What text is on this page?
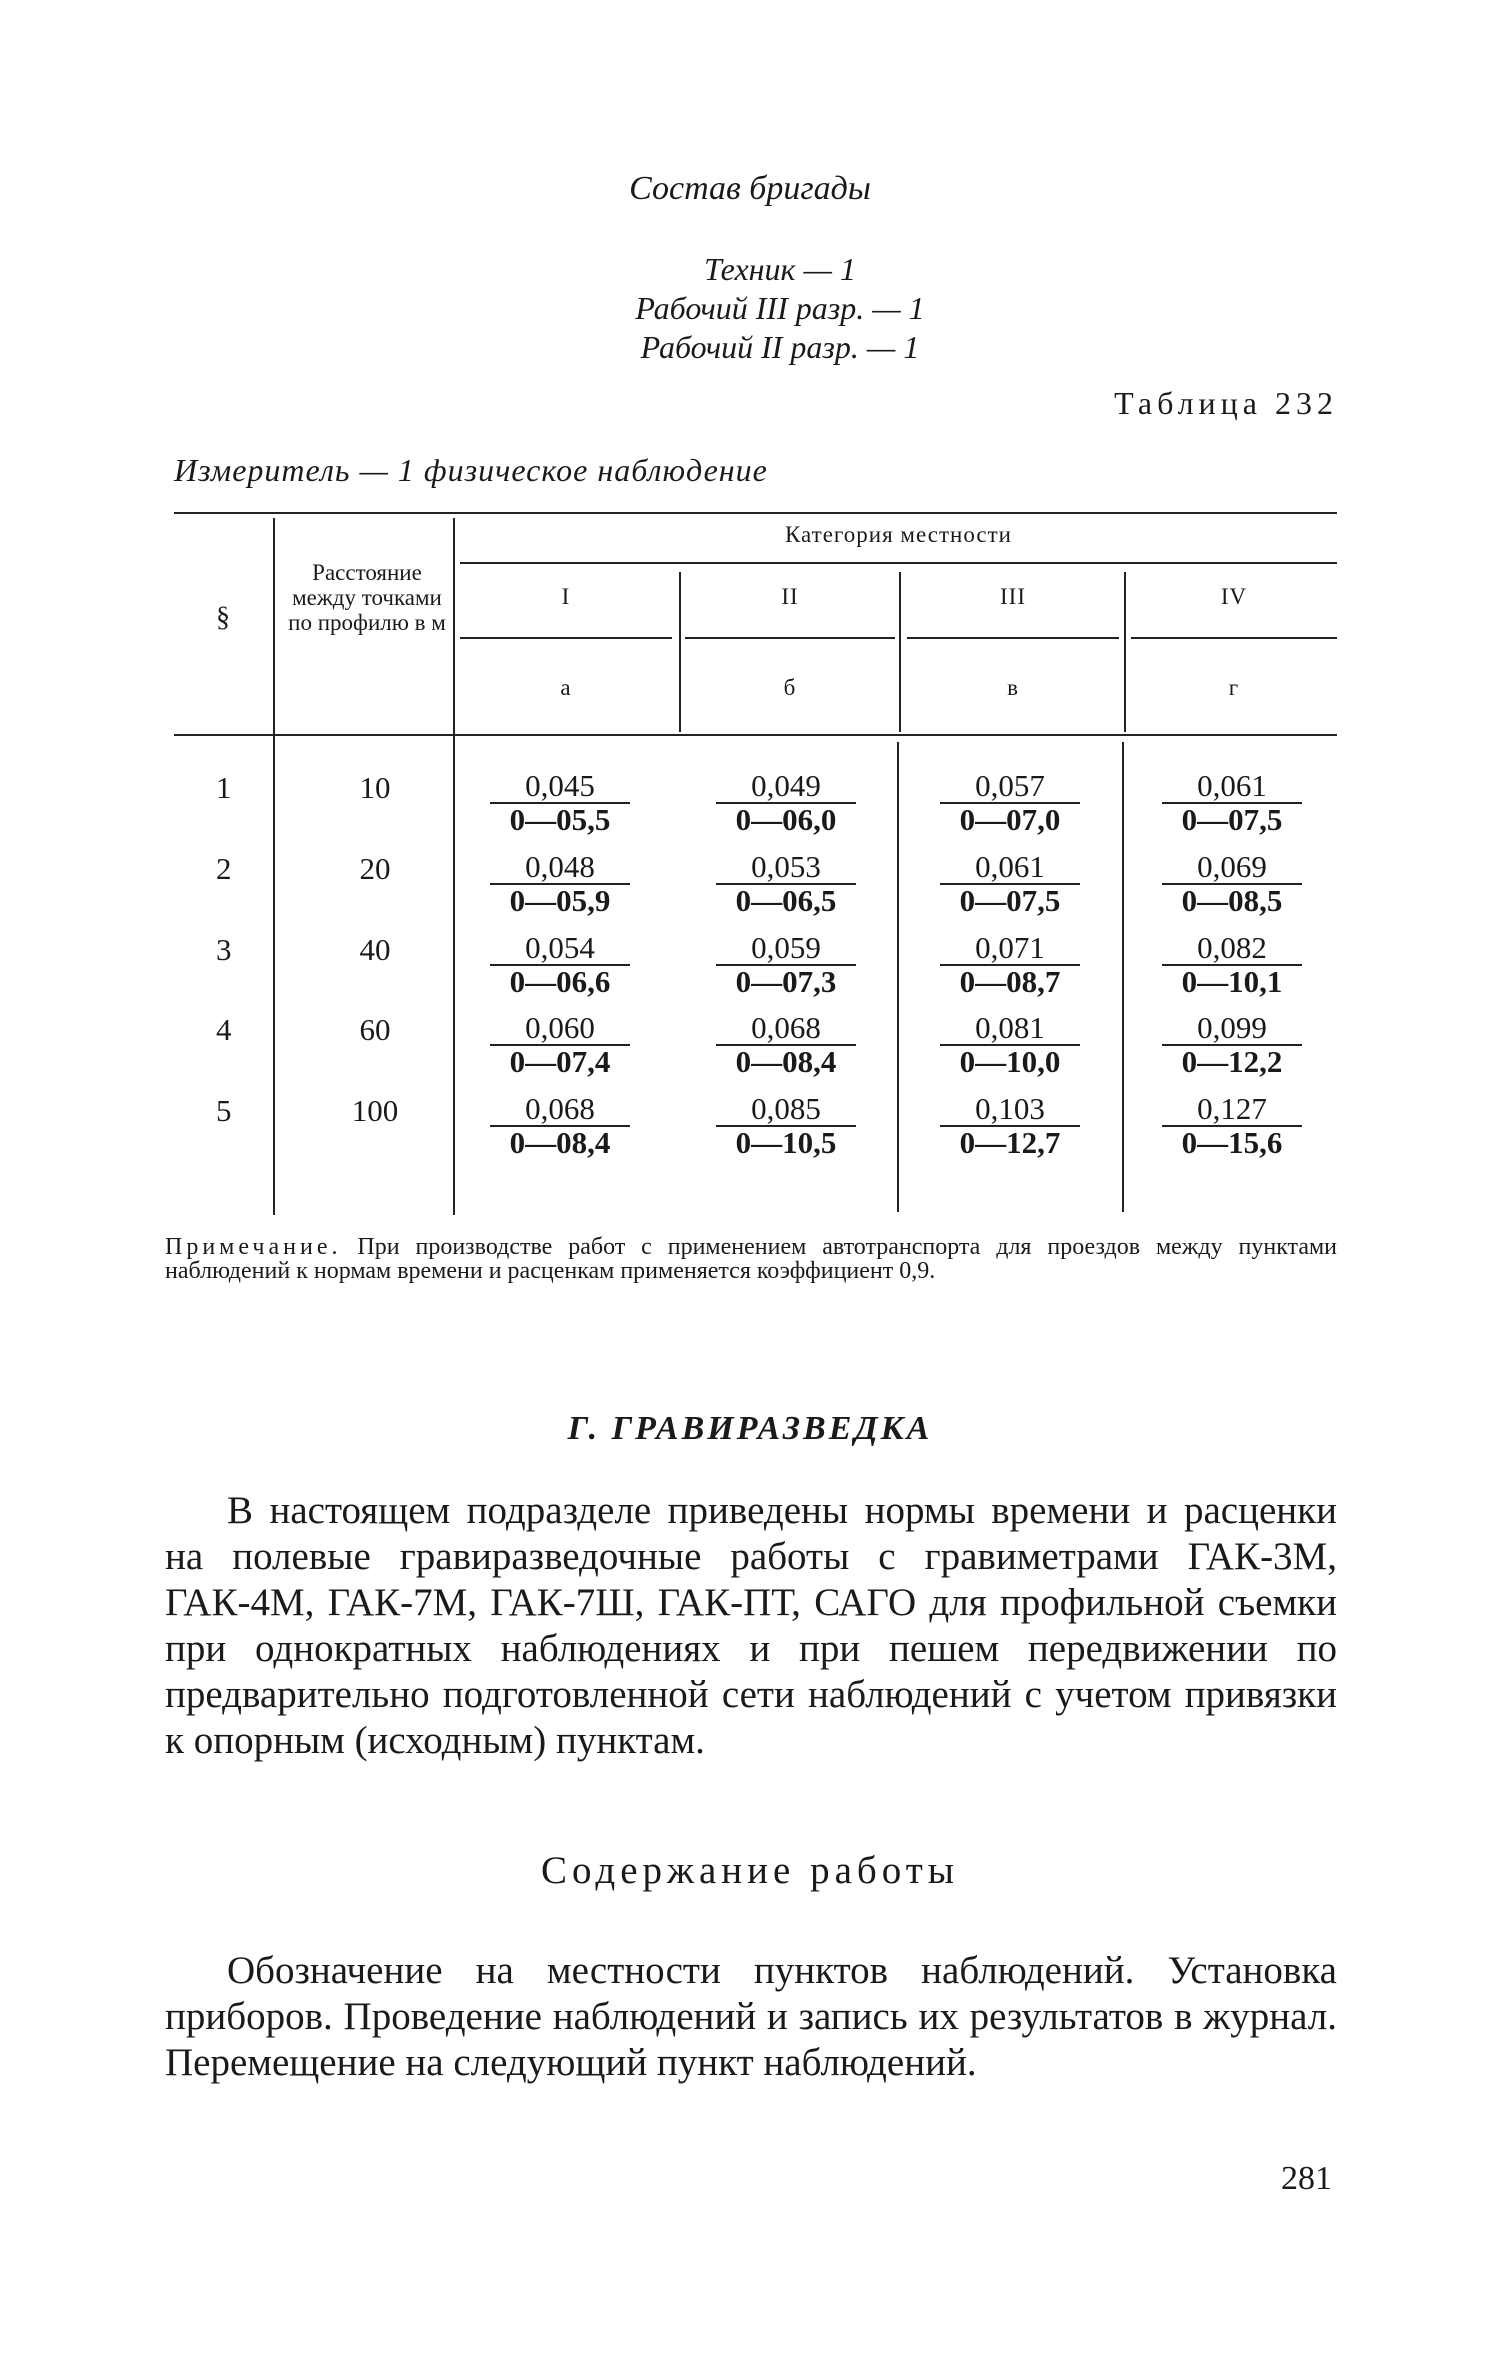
Состав бригады
Техник — 1
Рабочий III разр. — 1
Рабочий II разр. — 1
Таблица 232
Измеритель — 1 физическое наблюдение
§
Расстояние между точками по профилю в м
Категория местности
I	II	III	IV
а	б	в	г
1	10	$\frac{0,045}{0—05,5} \frac{0,049}{0—06,0} \frac{0,057}{0—07,0} \frac{0,061}{0—07,5}$
2	20	$\frac{0,048}{0—05,9} \frac{0,053}{0—06,5} \frac{0,061}{0—07,5} \frac{0,069}{0—08,5}$
3	40	$\frac{0,054}{0—06,6} \frac{0,059}{0—07,3} \frac{0,071}{0—08,7} \frac{0,082}{0—10,1}$
4	60	$\frac{0,060}{0—07,4} \frac{0,068}{0—08,4} \frac{0,081}{0—10,0} \frac{0,099}{0—12,2}$
5	100	$\frac{0,068}{0—08,4} \frac{0,085}{0—10,5} \frac{0,103}{0—12,7} \frac{0,127}{0—15,6}$
Примечание. При производстве работ с применением автотранспорта для проездов между пунктами наблюдений к нормам времени и расценкам применяется коэффициент 0,9.
Г. ГРАВИРАЗВЕДКА
В настоящем подразделе приведены нормы времени и расценки на полевые гравиразведочные работы с гравиметрами ГАК-3М, ГАК-4М, ГАК-7М, ГАК-7Ш, ГАК-ПТ, САГО для профильной съемки при однократных наблюдениях и при пешем передвижении по предварительно подготовленной сети наблюдений с учетом привязки к опорным (исходным) пунктам.
Содержание работы
Обозначение на местности пунктов наблюдений. Установка приборов. Проведение наблюдений и запись их результатов в журнал. Перемещение на следующий пункт наблюдений.
281
